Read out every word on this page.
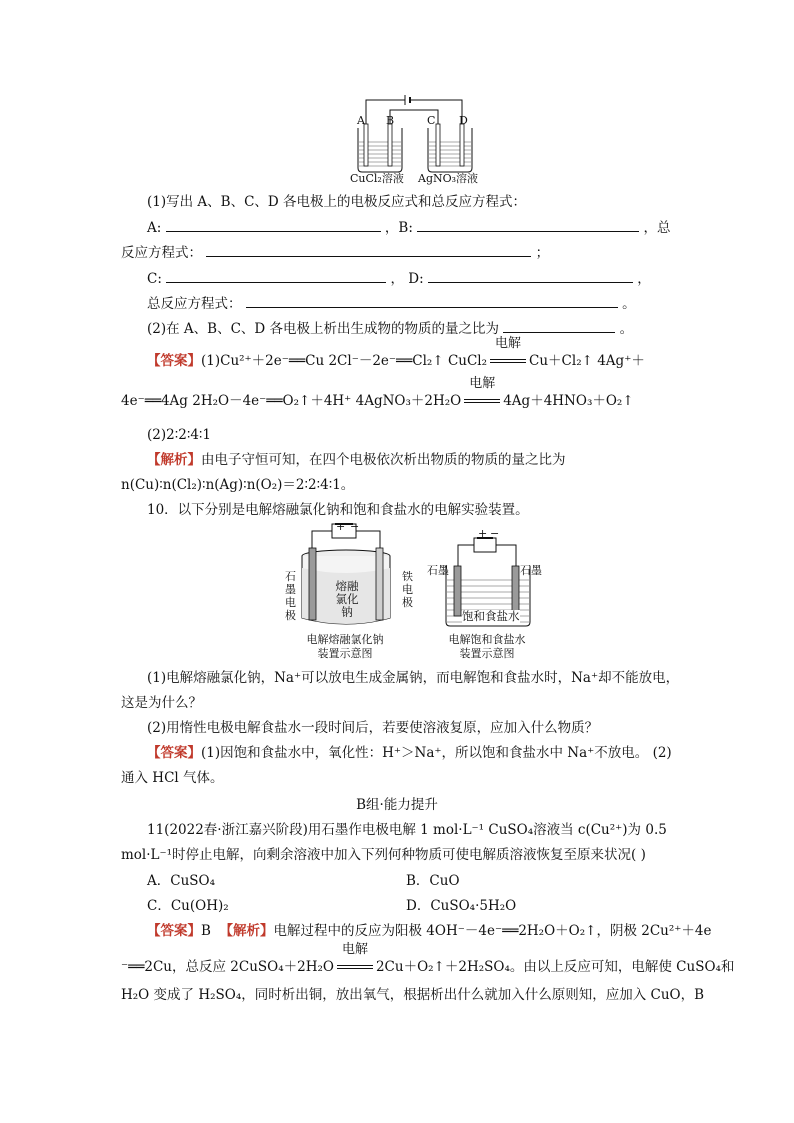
A B	C D
CuCl₂溶液 AgNO₃溶液
(1)写出 A、B、C、D 各电极上的电极反应式和总反应方程式：
A:	，B:	，总
反应方程式：	；
C:	， D:	，
总反应方程式：	。
(2)在 A、B、C、D 各电极上析出生成物的物质的量之比为	。
【答案】(1)Cu²⁺＋2e⁻══Cu 2Cl⁻－2e⁻══Cl₂↑ CuCl₂
电解
Cu＋Cl₂↑ 4Ag⁺＋
4e⁻══4Ag 2H₂O－4e⁻══O₂↑＋4H⁺ 4AgNO₃＋2H₂O
电解
4Ag＋4HNO₃＋O₂↑
(2)2∶2∶4∶1
【解析】由电子守恒可知，在四个电极依次析出物质的物质的量之比为
n(Cu)∶n(Cl₂)∶n(Ag)∶n(O₂)＝2∶2∶4∶1。
10．以下分别是电解熔融氯化钠和饱和食盐水的电解实验装置。
+ −
石墨电极
熔融氯化钠
铁电极
电解熔融氯化钠
装置示意图
+ −
石墨	石墨
饱和食盐水
电解饱和食盐水
装置示意图
(1)电解熔融氯化钠，Na⁺可以放电生成金属钠，而电解饱和食盐水时，Na⁺却不能放电，
这是为什么？
(2)用惰性电极电解食盐水一段时间后，若要使溶液复原，应加入什么物质？
【答案】(1)因饱和食盐水中，氧化性：H⁺＞Na⁺，所以饱和食盐水中 Na⁺不放电。 (2)
通入 HCl 气体。
B组·能力提升
11(2022春·浙江嘉兴阶段)用石墨作电极电解 1 mol·L⁻¹ CuSO₄溶液当 c(Cu²⁺)为 0.5
mol·L⁻¹时停止电解，向剩余溶液中加入下列何种物质可使电解质溶液恢复至原来状况( )
A．CuSO₄	B．CuO
C．Cu(OH)₂	D．CuSO₄·5H₂O
【答案】B 【解析】电解过程中的反应为阳极 4OH⁻－4e⁻══2H₂O＋O₂↑，阴极 2Cu²⁺＋4e
⁻══2Cu，总反应 2CuSO₄＋2H₂O
电解
2Cu＋O₂↑＋2H₂SO₄。由以上反应可知，电解使 CuSO₄和
H₂O 变成了 H₂SO₄，同时析出铜，放出氧气，根据析出什么就加入什么原则知，应加入 CuO，B
